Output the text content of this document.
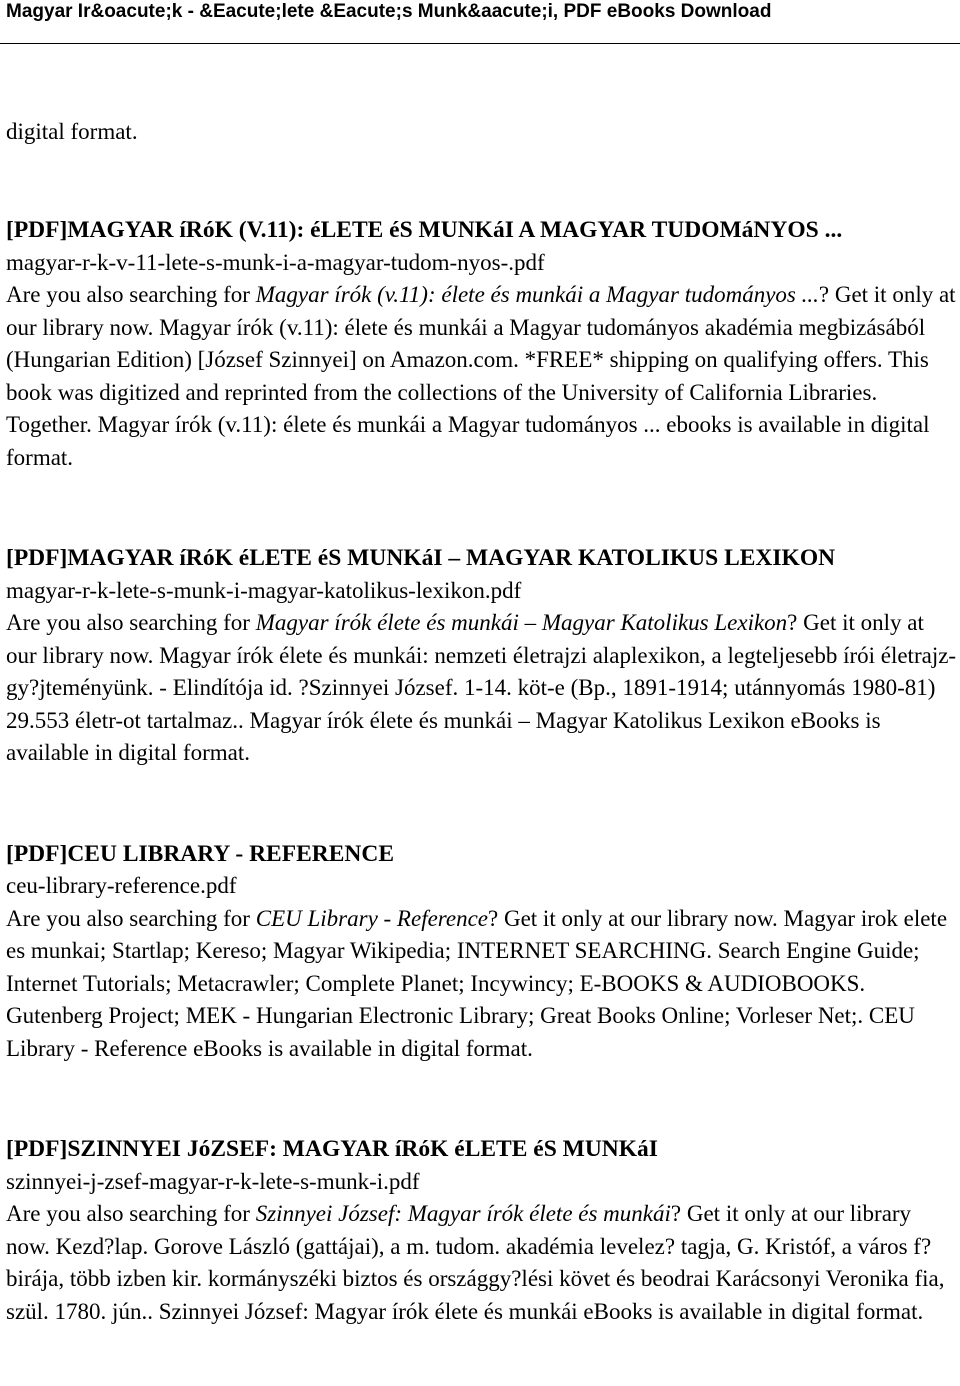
Magyar Ir&oacute;k - &Eacute;lete &Eacute;s Munk&aacute;i, PDF eBooks Download
digital format.
[PDF]MAGYAR íRóK (V.11): éLETE éS MUNKáI A MAGYAR TUDOMáNYOS ...
magyar-r-k-v-11-lete-s-munk-i-a-magyar-tudom-nyos-.pdf
Are you also searching for Magyar írók (v.11): élete és munkái a Magyar tudományos ...? Get it only at our library now. Magyar írók (v.11): élete és munkái a Magyar tudományos akadémia megbizásából (Hungarian Edition) [József Szinnyei] on Amazon.com. *FREE* shipping on qualifying offers. This book was digitized and reprinted from the collections of the University of California Libraries. Together. Magyar írók (v.11): élete és munkái a Magyar tudományos ... ebooks is available in digital format.
[PDF]MAGYAR íRóK éLETE éS MUNKáI – MAGYAR KATOLIKUS LEXIKON
magyar-r-k-lete-s-munk-i-magyar-katolikus-lexikon.pdf
Are you also searching for Magyar írók élete és munkái – Magyar Katolikus Lexikon? Get it only at our library now. Magyar írók élete és munkái: nemzeti életrajzi alaplexikon, a legteljesebb írói életrajz-gy?jteményünk. - Elindítója id. ?Szinnyei József. 1-14. köt-e (Bp., 1891-1914; utánnyomás 1980-81) 29.553 életr-ot tartalmaz.. Magyar írók élete és munkái – Magyar Katolikus Lexikon eBooks is available in digital format.
[PDF]CEU LIBRARY - REFERENCE
ceu-library-reference.pdf
Are you also searching for CEU Library - Reference? Get it only at our library now. Magyar irok elete es munkai; Startlap; Kereso; Magyar Wikipedia; INTERNET SEARCHING. Search Engine Guide; Internet Tutorials; Metacrawler; Complete Planet; Incywincy; E-BOOKS & AUDIOBOOKS. Gutenberg Project; MEK - Hungarian Electronic Library; Great Books Online; Vorleser Net;. CEU Library - Reference eBooks is available in digital format.
[PDF]SZINNYEI JóZSEF: MAGYAR íRóK éLETE éS MUNKáI
szinnyei-j-zsef-magyar-r-k-lete-s-munk-i.pdf
Are you also searching for Szinnyei József: Magyar írók élete és munkái? Get it only at our library now. Kezd?lap. Gorove László (gattájai), a m. tudom. akadémia levelez? tagja, G. Kristóf, a város f?birája, több izben kir. kormányszéki biztos és országgy?lési követ és beodrai Karácsonyi Veronika fia, szül. 1780. jún.. Szinnyei József: Magyar írók élete és munkái eBooks is available in digital format.
